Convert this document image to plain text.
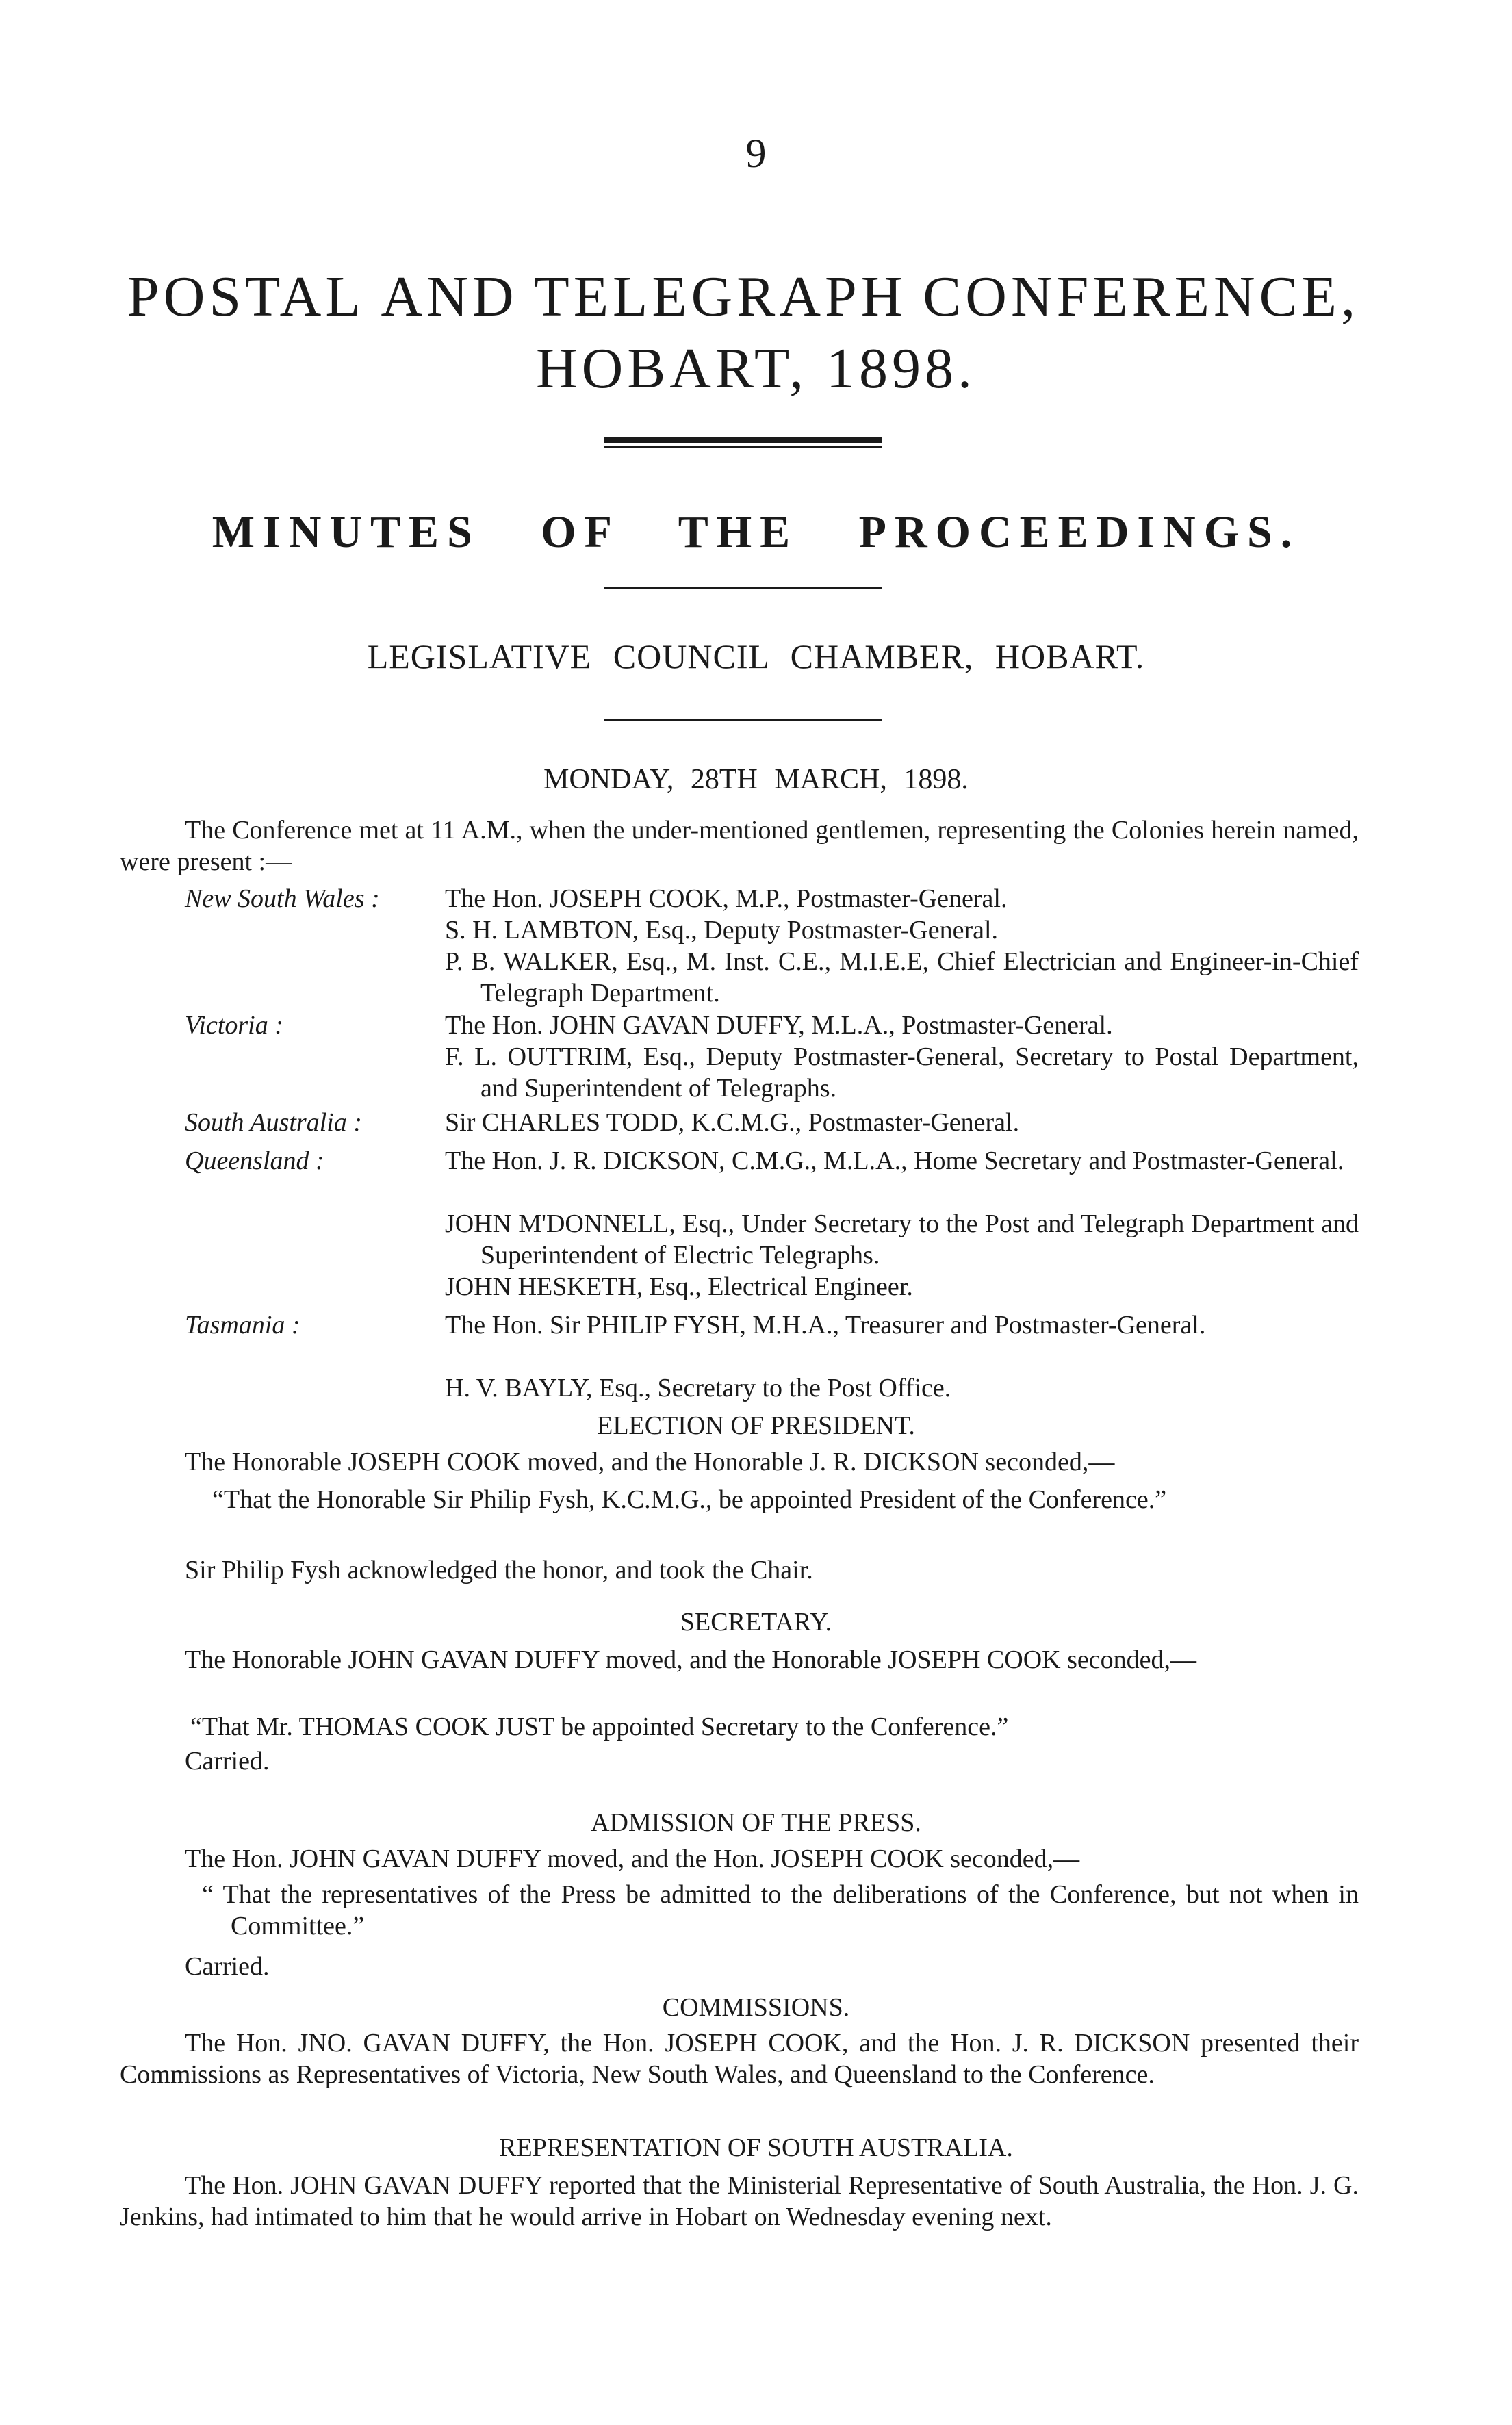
9
POSTAL AND TELEGRAPH CONFERENCE,
HOBART, 1898.
MINUTES OF THE PROCEEDINGS.
LEGISLATIVE COUNCIL CHAMBER, HOBART.
MONDAY, 28TH MARCH, 1898.
The Conference met at 11 A.M., when the under-mentioned gentlemen, representing the Colonies herein named, were present :—
New South Wales :	The Hon. JOSEPH COOK, M.P., Postmaster-General.
S. H. LAMBTON, Esq., Deputy Postmaster-General.
P. B. WALKER, Esq., M. Inst. C.E., M.I.E.E, Chief Electrician and Engineer-in-Chief Telegraph Department.
Victoria :	The Hon. JOHN GAVAN DUFFY, M.L.A., Postmaster-General.
F. L. OUTTRIM, Esq., Deputy Postmaster-General, Secretary to Postal Department, and Superintendent of Telegraphs.
South Australia :	Sir CHARLES TODD, K.C.M.G., Postmaster-General.
Queensland :	The Hon. J. R. DICKSON, C.M.G., M.L.A., Home Secretary and Postmaster-General.
JOHN M'DONNELL, Esq., Under Secretary to the Post and Telegraph Department and Superintendent of Electric Telegraphs.
JOHN HESKETH, Esq., Electrical Engineer.
Tasmania :	The Hon. Sir PHILIP FYSH, M.H.A., Treasurer and Postmaster-General.
H. V. BAYLY, Esq., Secretary to the Post Office.
ELECTION OF PRESIDENT.
The Honorable JOSEPH COOK moved, and the Honorable J. R. DICKSON seconded,—
“That the Honorable Sir Philip Fysh, K.C.M.G., be appointed President of the Conference.”
Sir Philip Fysh acknowledged the honor, and took the Chair.
SECRETARY.
The Honorable JOHN GAVAN DUFFY moved, and the Honorable JOSEPH COOK seconded,—
“That Mr. THOMAS COOK JUST be appointed Secretary to the Conference.”
Carried.
ADMISSION OF THE PRESS.
The Hon. JOHN GAVAN DUFFY moved, and the Hon. JOSEPH COOK seconded,—
“ That the representatives of the Press be admitted to the deliberations of the Conference, but not when in Committee.”
Carried.
COMMISSIONS.
The Hon. JNO. GAVAN DUFFY, the Hon. JOSEPH COOK, and the Hon. J. R. DICKSON presented their Commissions as Representatives of Victoria, New South Wales, and Queensland to the Conference.
REPRESENTATION OF SOUTH AUSTRALIA.
The Hon. JOHN GAVAN DUFFY reported that the Ministerial Representative of South Australia, the Hon. J. G. Jenkins, had intimated to him that he would arrive in Hobart on Wednesday evening next.
